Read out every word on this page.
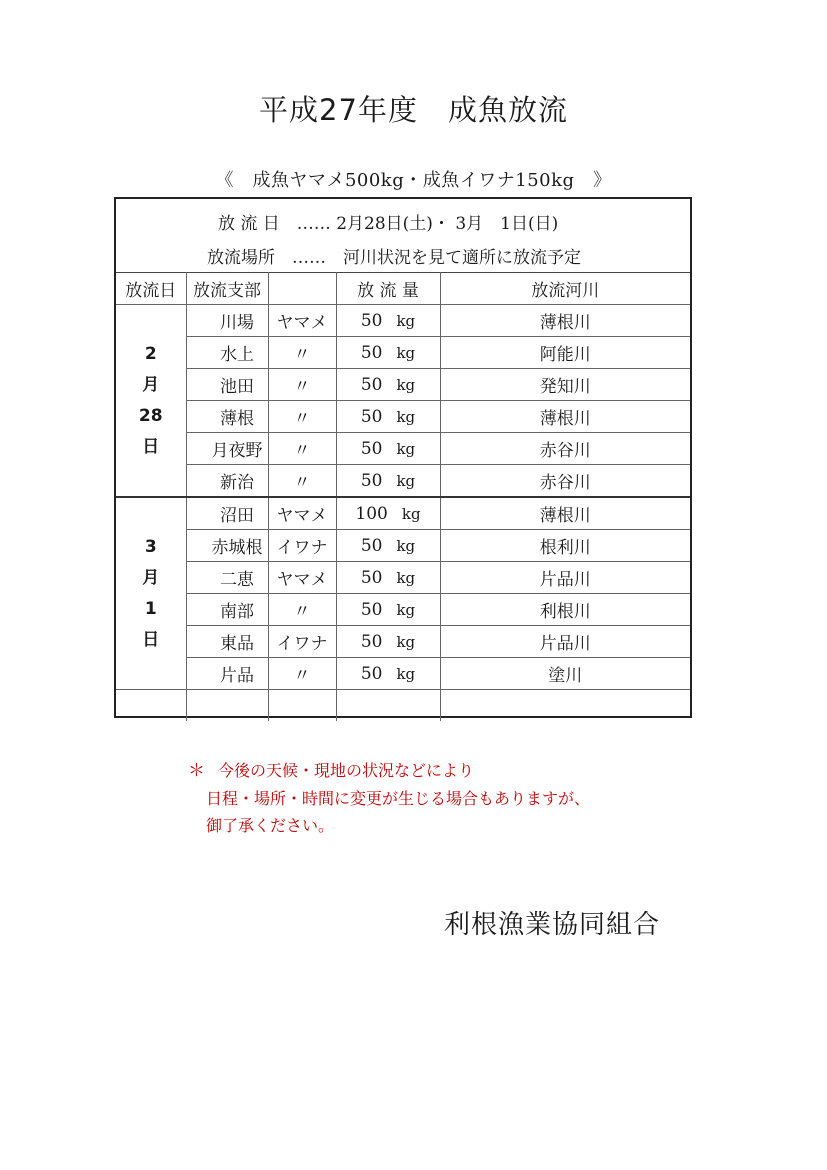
平成27年度　成魚放流
《　成魚ヤマメ500kg・成魚イワナ150kg　》
放 流 日　‥‥‥ 2月28日(土)・ 3月　1日(日)
放流場所　‥‥‥　河川状況を見て適所に放流予定
放流日	放流支部		放 流 量	放流河川

2
月
28
日	川場	ヤマメ	50 kg	薄根川
	水上	〃	50 kg	阿能川
	池田	〃	50 kg	発知川
	薄根	〃	50 kg	薄根川
	月夜野	〃	50 kg	赤谷川
	新治	〃	50 kg	赤谷川

3
月
1
日	沼田	ヤマメ	100 kg	薄根川
	赤城根	イワナ	50 kg	根利川
	二恵	ヤマメ	50 kg	片品川
	南部	〃	50 kg	利根川
	東品	イワナ	50 kg	片品川
	片品	〃	50 kg	塗川

＊ 今後の天候・現地の状況などにより
日程・場所・時間に変更が生じる場合もありますが、
御了承ください。
利根漁業協同組合
